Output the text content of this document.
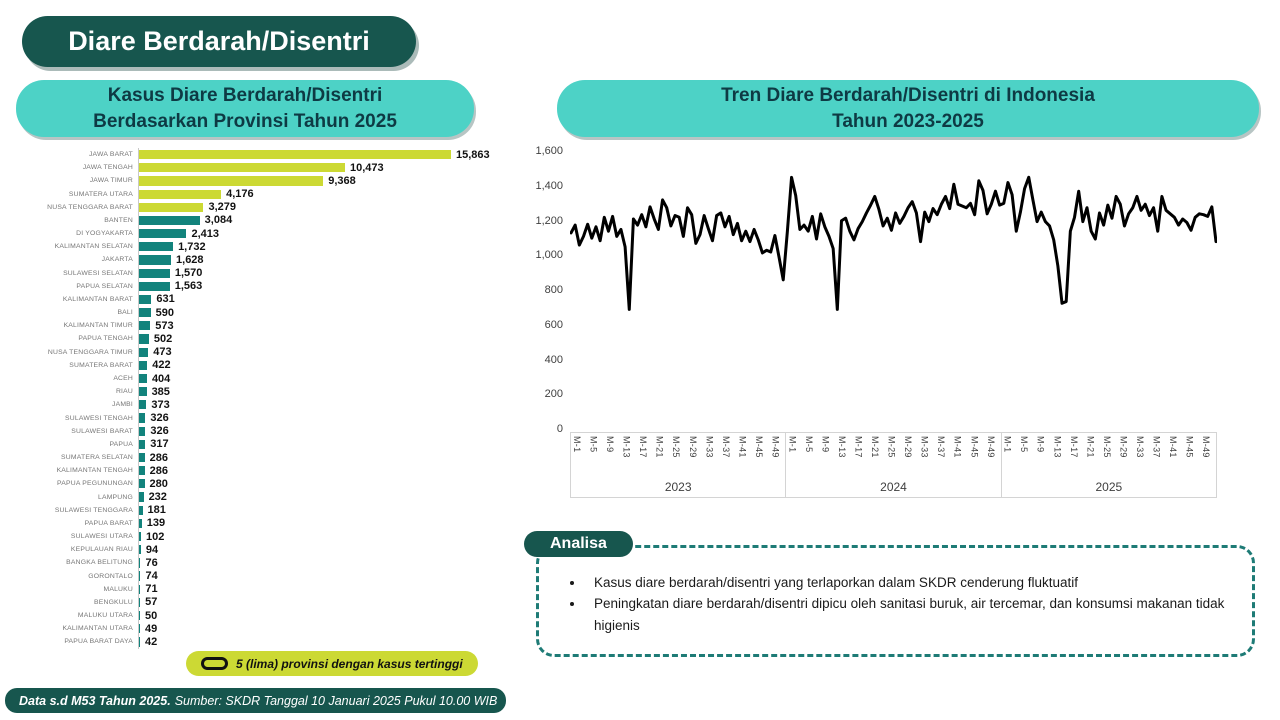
Diare Berdarah/Disentri
Kasus Diare Berdarah/Disentri
Berdasarkan Provinsi Tahun 2025
Tren Diare Berdarah/Disentri di Indonesia
Tahun 2023-2025
JAWA BARAT	15,863
JAWA TENGAH	10,473
JAWA TIMUR	9,368
SUMATERA UTARA	4,176
NUSA TENGGARA BARAT	3,279
BANTEN	3,084
DI YOGYAKARTA	2,413
KALIMANTAN SELATAN	1,732
JAKARTA	1,628
SULAWESI SELATAN	1,570
PAPUA SELATAN	1,563
KALIMANTAN BARAT	631
BALI	590
KALIMANTAN TIMUR	573
PAPUA TENGAH	502
NUSA TENGGARA TIMUR	473
SUMATERA BARAT	422
ACEH	404
RIAU	385
JAMBI	373
SULAWESI TENGAH	326
SULAWESI BARAT	326
PAPUA	317
SUMATERA SELATAN	286
KALIMANTAN TENGAH	286
PAPUA PEGUNUNGAN	280
LAMPUNG	232
SULAWESI TENGGARA	181
PAPUA BARAT	139
SULAWESI UTARA	102
KEPULAUAN RIAU	94
BANGKA BELITUNG	76
GORONTALO	74
MALUKU	71
BENGKULU	57
MALUKU UTARA	50
KALIMANTAN UTARA	49
PAPUA BARAT DAYA	42
5 (lima) provinsi dengan kasus tertinggi
Data s.d M53 Tahun 2025. Sumber: SKDR Tanggal 10 Januari 2025 Pukul 10.00 WIB
0
200
400
600
800
1,000
1,200
1,400
1,600
M-1 M-5 M-9 M-13 M-17 M-21 M-25 M-29 M-33 M-37 M-41 M-45 M-49
2023
M-1 M-5 M-9 M-13 M-17 M-21 M-25 M-29 M-33 M-37 M-41 M-45 M-49
2024
M-1 M-5 M-9 M-13 M-17 M-21 M-25 M-29 M-33 M-37 M-41 M-45 M-49
2025
Analisa
• Kasus diare berdarah/disentri yang terlaporkan dalam SKDR cenderung fluktuatif
• Peningkatan diare berdarah/disentri dipicu oleh sanitasi buruk, air tercemar, dan konsumsi makanan tidak higienis
